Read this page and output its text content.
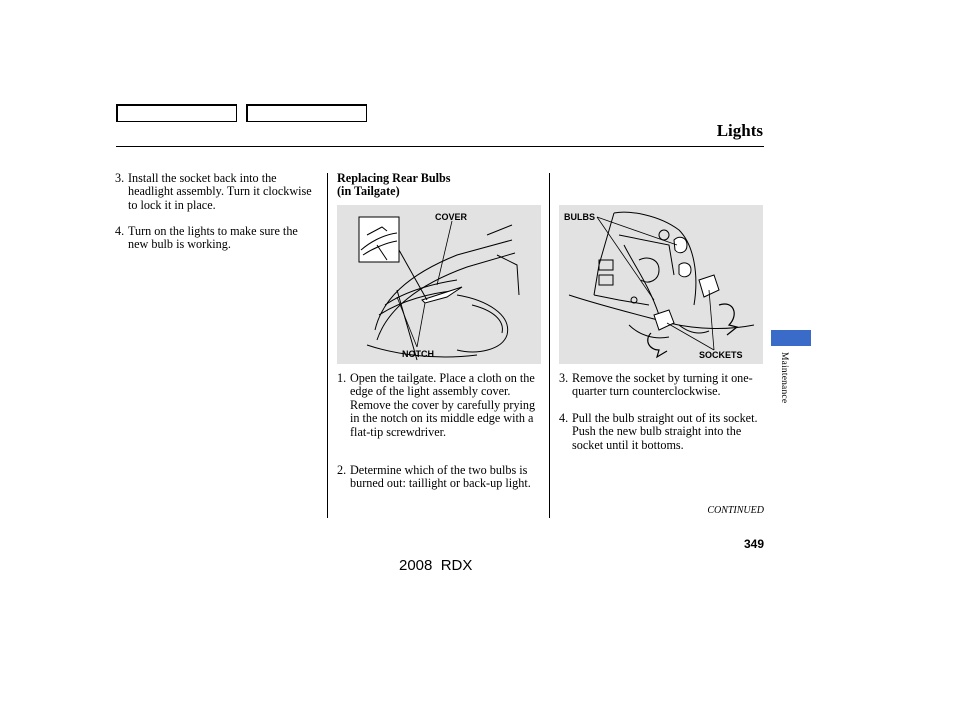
Lights
3. Install the socket back into the headlight assembly. Turn it clockwise to lock it in place.
4. Turn on the lights to make sure the new bulb is working.
Replacing Rear Bulbs
(in Tailgate)
COVER
NOTCH
1. Open the tailgate. Place a cloth on the edge of the light assembly cover. Remove the cover by carefully prying in the notch on its middle edge with a flat-tip screwdriver.
2. Determine which of the two bulbs is burned out: taillight or back-up light.
BULBS
SOCKETS
3. Remove the socket by turning it one-quarter turn counterclockwise.
4. Pull the bulb straight out of its socket. Push the new bulb straight into the socket until it bottoms.
CONTINUED
349
2008  RDX
Maintenance
